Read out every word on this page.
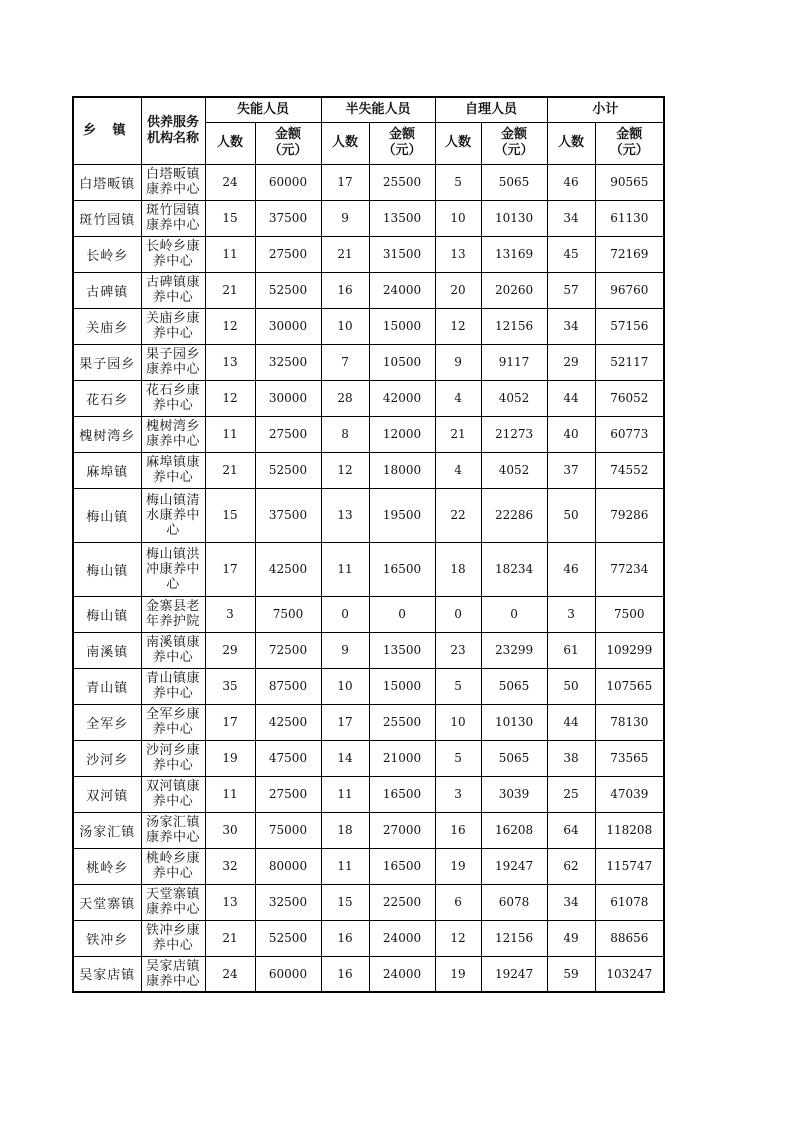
乡 镇	供养服务机构名称	失能人员		半失能人员		自理人员		小计	
		人数	金额（元）	人数	金额（元）	人数	金额（元）	人数	金额（元）
白塔畈镇	白塔畈镇康养中心	24	60000	17	25500	5	5065	46	90565
斑竹园镇	斑竹园镇康养中心	15	37500	9	13500	10	10130	34	61130
长岭乡	长岭乡康养中心	11	27500	21	31500	13	13169	45	72169
古碑镇	古碑镇康养中心	21	52500	16	24000	20	20260	57	96760
关庙乡	关庙乡康养中心	12	30000	10	15000	12	12156	34	57156
果子园乡	果子园乡康养中心	13	32500	7	10500	9	9117	29	52117
花石乡	花石乡康养中心	12	30000	28	42000	4	4052	44	76052
槐树湾乡	槐树湾乡康养中心	11	27500	8	12000	21	21273	40	60773
麻埠镇	麻埠镇康养中心	21	52500	12	18000	4	4052	37	74552
梅山镇	梅山镇清水康养中心	15	37500	13	19500	22	22286	50	79286
梅山镇	梅山镇洪冲康养中心	17	42500	11	16500	18	18234	46	77234
梅山镇	金寨县老年养护院	3	7500	0	0	0	0	3	7500
南溪镇	南溪镇康养中心	29	72500	9	13500	23	23299	61	109299
青山镇	青山镇康养中心	35	87500	10	15000	5	5065	50	107565
全军乡	全军乡康养中心	17	42500	17	25500	10	10130	44	78130
沙河乡	沙河乡康养中心	19	47500	14	21000	5	5065	38	73565
双河镇	双河镇康养中心	11	27500	11	16500	3	3039	25	47039
汤家汇镇	汤家汇镇康养中心	30	75000	18	27000	16	16208	64	118208
桃岭乡	桃岭乡康养中心	32	80000	11	16500	19	19247	62	115747
天堂寨镇	天堂寨镇康养中心	13	32500	15	22500	6	6078	34	61078
铁冲乡	铁冲乡康养中心	21	52500	16	24000	12	12156	49	88656
吴家店镇	吴家店镇康养中心	24	60000	16	24000	19	19247	59	103247
